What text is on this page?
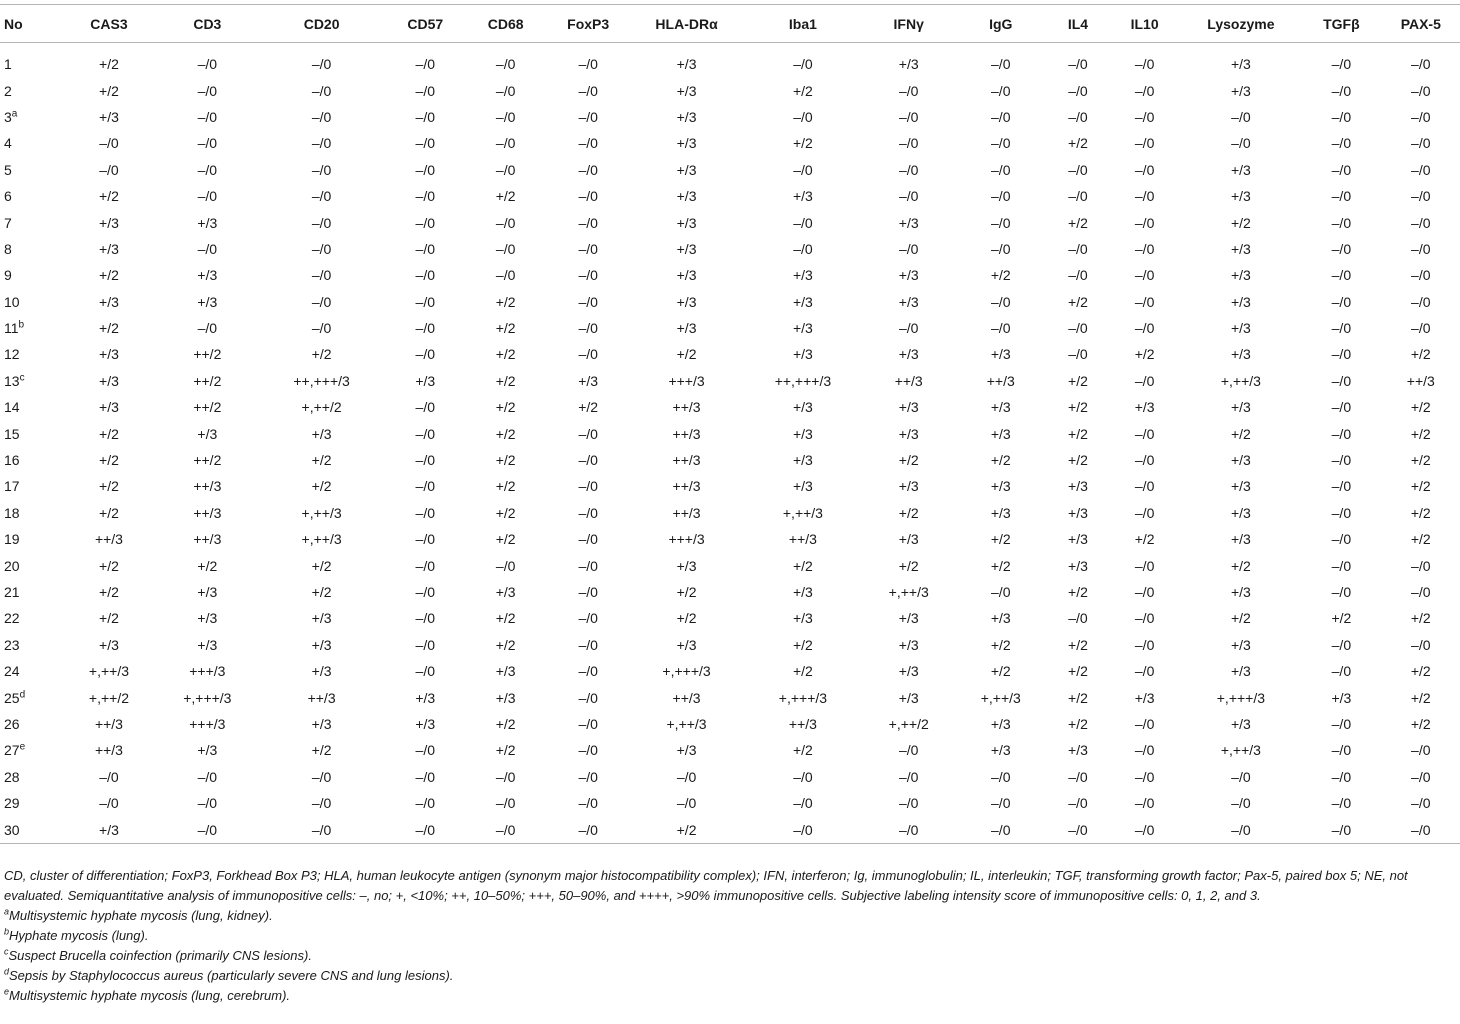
No	CAS3	CD3	CD20	CD57	CD68	FoxP3	HLA-DRα	Iba1	IFNγ	IgG	IL4	IL10	Lysozyme	TGFβ	PAX-5
1	+/2	–/0	–/0	–/0	–/0	–/0	+/3	–/0	+/3	–/0	–/0	–/0	+/3	–/0	–/0
2	+/2	–/0	–/0	–/0	–/0	–/0	+/3	+/2	–/0	–/0	–/0	–/0	+/3	–/0	–/0
$3^a$	+/3	–/0	–/0	–/0	–/0	–/0	+/3	–/0	–/0	–/0	–/0	–/0	–/0	–/0	–/0
4	–/0	–/0	–/0	–/0	–/0	–/0	+/3	+/2	–/0	–/0	+/2	–/0	–/0	–/0	–/0
5	–/0	–/0	–/0	–/0	–/0	–/0	+/3	–/0	–/0	–/0	–/0	–/0	+/3	–/0	–/0
6	+/2	–/0	–/0	–/0	+/2	–/0	+/3	+/3	–/0	–/0	–/0	–/0	+/3	–/0	–/0
7	+/3	+/3	–/0	–/0	–/0	–/0	+/3	–/0	+/3	–/0	+/2	–/0	+/2	–/0	–/0
8	+/3	–/0	–/0	–/0	–/0	–/0	+/3	–/0	–/0	–/0	–/0	–/0	+/3	–/0	–/0
9	+/2	+/3	–/0	–/0	–/0	–/0	+/3	+/3	+/3	+/2	–/0	–/0	+/3	–/0	–/0
10	+/3	+/3	–/0	–/0	+/2	–/0	+/3	+/3	+/3	–/0	+/2	–/0	+/3	–/0	–/0
$11^b$	+/2	–/0	–/0	–/0	+/2	–/0	+/3	+/3	–/0	–/0	–/0	–/0	+/3	–/0	–/0
12	+/3	++/2	+/2	–/0	+/2	–/0	+/2	+/3	+/3	+/3	–/0	+/2	+/3	–/0	+/2
$13^c$	+/3	++/2	++,+++/3	+/3	+/2	+/3	+++/3	++,+++/3	++/3	++/3	+/2	–/0	+,++/3	–/0	++/3
14	+/3	++/2	+,++/2	–/0	+/2	+/2	++/3	+/3	+/3	+/3	+/2	+/3	+/3	–/0	+/2
15	+/2	+/3	+/3	–/0	+/2	–/0	++/3	+/3	+/3	+/3	+/2	–/0	+/2	–/0	+/2
16	+/2	++/2	+/2	–/0	+/2	–/0	++/3	+/3	+/2	+/2	+/2	–/0	+/3	–/0	+/2
17	+/2	++/3	+/2	–/0	+/2	–/0	++/3	+/3	+/3	+/3	+/3	–/0	+/3	–/0	+/2
18	+/2	++/3	+,++/3	–/0	+/2	–/0	++/3	+,++/3	+/2	+/3	+/3	–/0	+/3	–/0	+/2
19	++/3	++/3	+,++/3	–/0	+/2	–/0	+++/3	++/3	+/3	+/2	+/3	+/2	+/3	–/0	+/2
20	+/2	+/2	+/2	–/0	–/0	–/0	+/3	+/2	+/2	+/2	+/3	–/0	+/2	–/0	–/0
21	+/2	+/3	+/2	–/0	+/3	–/0	+/2	+/3	+,++/3	–/0	+/2	–/0	+/3	–/0	–/0
22	+/2	+/3	+/3	–/0	+/2	–/0	+/2	+/3	+/3	+/3	–/0	–/0	+/2	+/2	+/2
23	+/3	+/3	+/3	–/0	+/2	–/0	+/3	+/2	+/3	+/2	+/2	–/0	+/3	–/0	–/0
24	+,++/3	+++/3	+/3	–/0	+/3	–/0	+,+++/3	+/2	+/3	+/2	+/2	–/0	+/3	–/0	+/2
$25^d$	+,++/2	+,+++/3	++/3	+/3	+/3	–/0	++/3	+,+++/3	+/3	+,++/3	+/2	+/3	+,+++/3	+/3	+/2
26	++/3	+++/3	+/3	+/3	+/2	–/0	+,++/3	++/3	+,++/2	+/3	+/2	–/0	+/3	–/0	+/2
$27^e$	++/3	+/3	+/2	–/0	+/2	–/0	+/3	+/2	–/0	+/3	+/3	–/0	+,++/3	–/0	–/0
28	–/0	–/0	–/0	–/0	–/0	–/0	–/0	–/0	–/0	–/0	–/0	–/0	–/0	–/0	–/0
29	–/0	–/0	–/0	–/0	–/0	–/0	–/0	–/0	–/0	–/0	–/0	–/0	–/0	–/0	–/0
30	+/3	–/0	–/0	–/0	–/0	–/0	+/2	–/0	–/0	–/0	–/0	–/0	–/0	–/0	–/0

CD, cluster of differentiation; FoxP3, Forkhead Box P3; HLA, human leukocyte antigen (synonym major histocompatibility complex); IFN, interferon; Ig, immunoglobulin; IL, interleukin; TGF, transforming growth factor; Pax-5, paired box 5; NE, not evaluated. Semiquantitative analysis of immunopositive cells: –, no; +, <10%; ++, 10–50%; +++, 50–90%, and ++++, >90% immunopositive cells. Subjective labeling intensity score of immunopositive cells: 0, 1, 2, and 3.

$^a$Multisystemic hyphate mycosis (lung, kidney).

$^b$Hyphate mycosis (lung).

$^c$Suspect Brucella coinfection (primarily CNS lesions).

$^d$Sepsis by Staphylococcus aureus (particularly severe CNS and lung lesions).

$^e$Multisystemic hyphate mycosis (lung, cerebrum).
